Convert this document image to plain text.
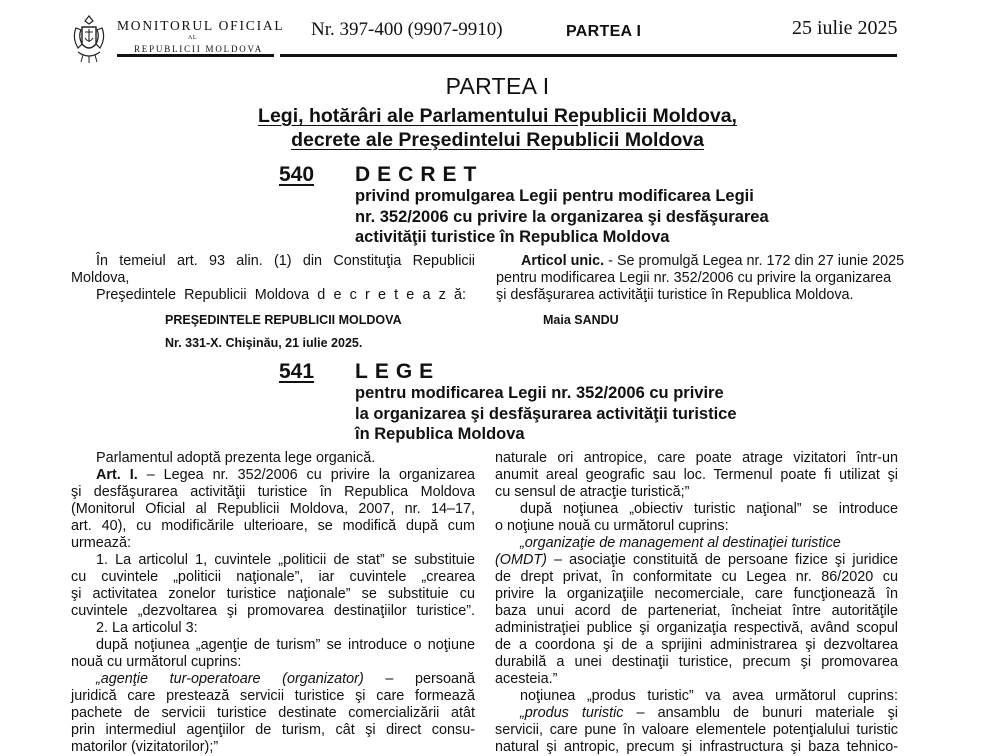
MONITORUL OFICIAL
AL
REPUBLICII MOLDOVA
Nr. 397-400 (9907-9910)	PARTEA I	25 iulie 2025
PARTEA I
Legi, hotărâri ale Parlamentului Republicii Moldova,
decrete ale Preşedintelui Republicii Moldova
540 DECRET
privind promulgarea Legii pentru modificarea Legii
nr. 352/2006 cu privire la organizarea şi desfăşurarea
activităţii turistice în Republica Moldova
În temeiul art. 93 alin. (1) din Constituţia Republicii
Moldova,
Preşedintele Republicii Moldova d e c r e t e a z ă:
Articol unic. - Se promulgă Legea nr. 172 din 27 iunie 2025
pentru modificarea Legii nr. 352/2006 cu privire la organizarea
şi desfăşurarea activităţii turistice în Republica Moldova.
PREŞEDINTELE REPUBLICII MOLDOVA	Maia SANDU
Nr. 331-X. Chişinău, 21 iulie 2025.
541 LEGE
pentru modificarea Legii nr. 352/2006 cu privire
la organizarea şi desfăşurarea activităţii turistice
în Republica Moldova
Parlamentul adoptă prezenta lege organică.
Art. I. – Legea nr. 352/2006 cu privire la organizarea
şi desfăşurarea activităţii turistice în Republica Moldova
(Monitorul Oficial al Republicii Moldova, 2007, nr. 14–17,
art. 40), cu modificările ulterioare, se modifică după cum
urmează:
1. La articolul 1, cuvintele „politicii de stat” se substituie
cu cuvintele „politicii naţionale”, iar cuvintele „crearea
şi activitatea zonelor turistice naţionale” se substituie cu
cuvintele „dezvoltarea şi promovarea destinaţiilor turistice”.
2. La articolul 3:
după noţiunea „agenţie de turism” se introduce o noţiune
nouă cu următorul cuprins:
„agenţie tur-operatoare (organizator) – persoană
juridică care prestează servicii turistice şi care formează
pachete de servicii turistice destinate comercializării atât
prin intermediul agenţiilor de turism, cât şi direct consu-
matorilor (vizitatorilor);”
naturale ori antropice, care poate atrage vizitatori într-un
anumit areal geografic sau loc. Termenul poate fi utilizat şi
cu sensul de atracţie turistică;”
după noţiunea „obiectiv turistic naţional” se introduce
o noţiune nouă cu următorul cuprins:
„organizaţie de management al destinaţiei turistice
(OMDT) – asociaţie constituită de persoane fizice şi juridice
de drept privat, în conformitate cu Legea nr. 86/2020 cu
privire la organizaţiile necomerciale, care funcţionează în
baza unui acord de parteneriat, încheiat între autorităţile
administraţiei publice şi organizaţia respectivă, având scopul
de a coordona şi de a sprijini administrarea şi dezvoltarea
durabilă a unei destinaţii turistice, precum şi promovarea
acesteia.”
noţiunea „produs turistic” va avea următorul cuprins:
„produs turistic – ansamblu de bunuri materiale şi
servicii, care pune în valoare elementele potenţialului turistic
natural şi antropic, precum şi infrastructura şi baza tehnico-
